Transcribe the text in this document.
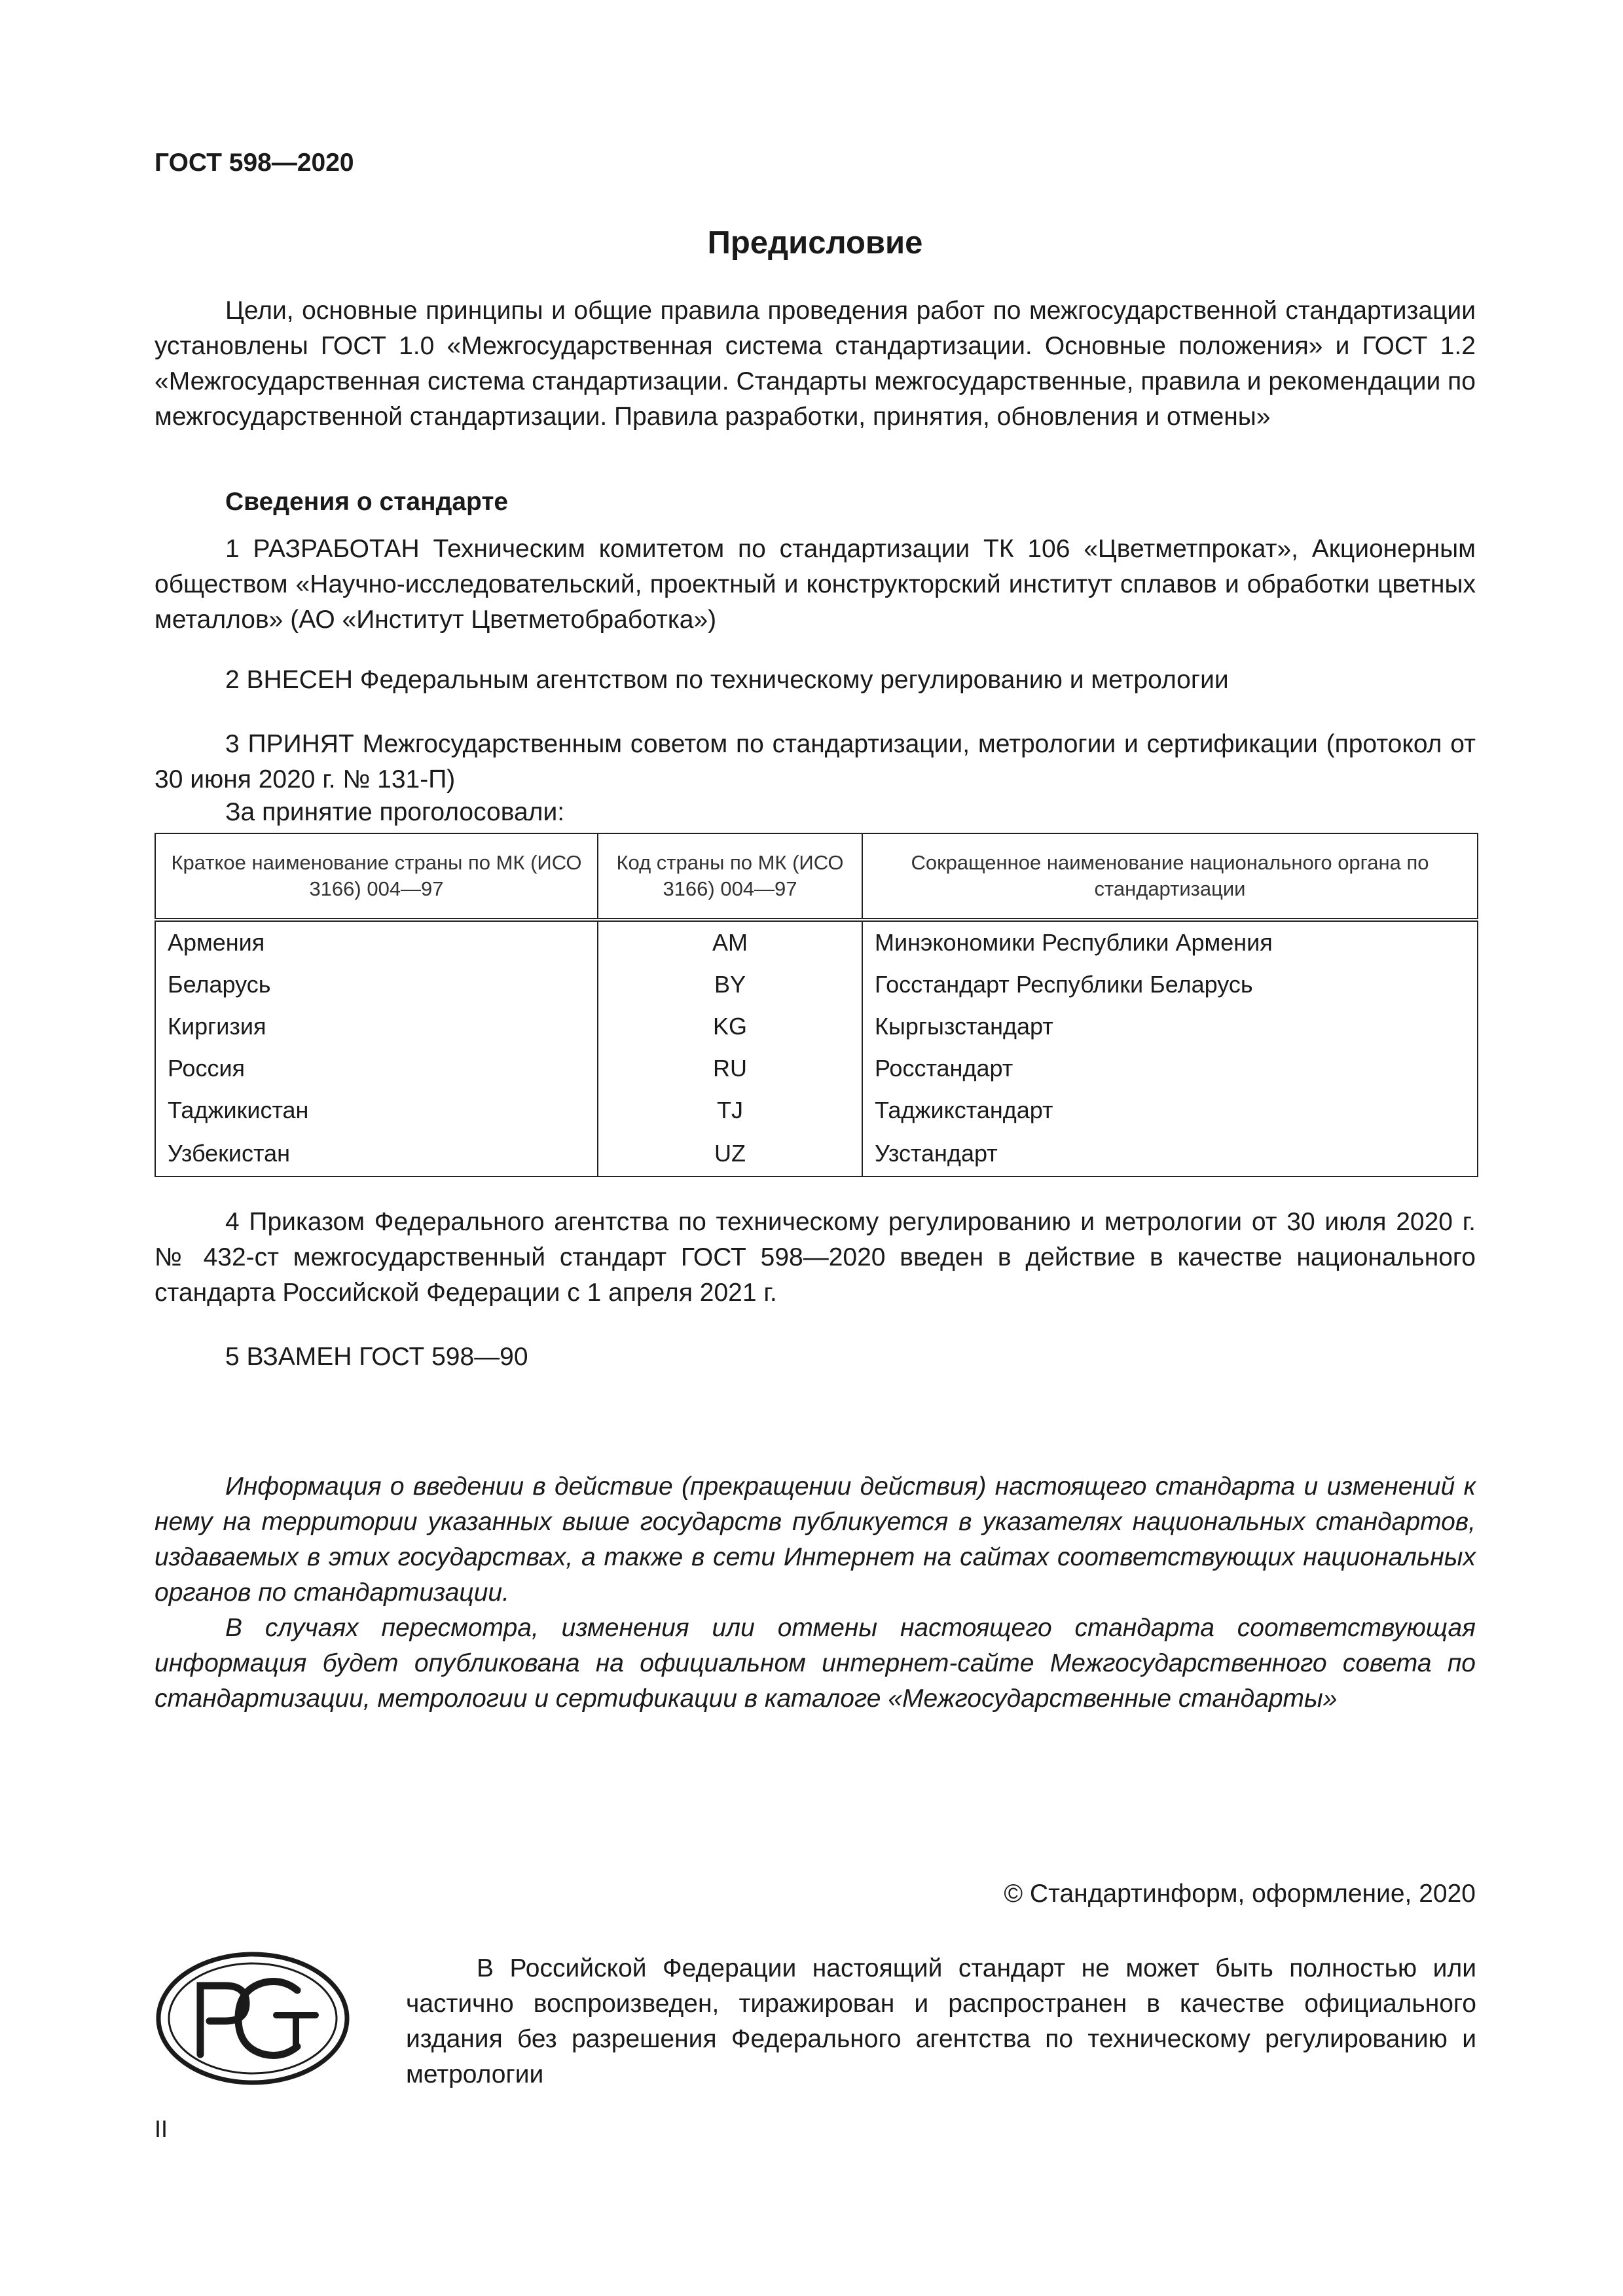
ГОСТ 598—2020
Предисловие
Цели, основные принципы и общие правила проведения работ по межгосударственной стандартизации установлены ГОСТ 1.0 «Межгосударственная система стандартизации. Основные положения» и ГОСТ 1.2 «Межгосударственная система стандартизации. Стандарты межгосударственные, правила и рекомендации по межгосударственной стандартизации. Правила разработки, принятия, обновления и отмены»
Сведения о стандарте
1 РАЗРАБОТАН Техническим комитетом по стандартизации ТК 106 «Цветметпрокат», Акционерным обществом «Научно-исследовательский, проектный и конструкторский институт сплавов и обработки цветных металлов» (АО «Институт Цветметобработка»)
2 ВНЕСЕН Федеральным агентством по техническому регулированию и метрологии
3 ПРИНЯТ Межгосударственным советом по стандартизации, метрологии и сертификации (протокол от 30 июня 2020 г. № 131-П)
За принятие проголосовали:
Краткое наименование страны по МК (ИСО 3166) 004—97	Код страны по МК (ИСО 3166) 004—97	Сокращенное наименование национального органа по стандартизации
Армения	AM	Минэкономики Республики Армения
Беларусь	BY	Госстандарт Республики Беларусь
Киргизия	KG	Кыргызстандарт
Россия	RU	Росстандарт
Таджикистан	TJ	Таджикстандарт
Узбекистан	UZ	Узстандарт
4 Приказом Федерального агентства по техническому регулированию и метрологии от 30 июля 2020 г. № 432-ст межгосударственный стандарт ГОСТ 598—2020 введен в действие в качестве национального стандарта Российской Федерации с 1 апреля 2021 г.
5 ВЗАМЕН ГОСТ 598—90
Информация о введении в действие (прекращении действия) настоящего стандарта и изменений к нему на территории указанных выше государств публикуется в указателях национальных стандартов, издаваемых в этих государствах, а также в сети Интернет на сайтах соответствующих национальных органов по стандартизации.
В случаях пересмотра, изменения или отмены настоящего стандарта соответствующая информация будет опубликована на официальном интернет-сайте Межгосударственного совета по стандартизации, метрологии и сертификации в каталоге «Межгосударственные стандарты»
© Стандартинформ, оформление, 2020
В Российской Федерации настоящий стандарт не может быть полностью или частично воспроизведен, тиражирован и распространен в качестве официального издания без разрешения Федерального агентства по техническому регулированию и метрологии
II
